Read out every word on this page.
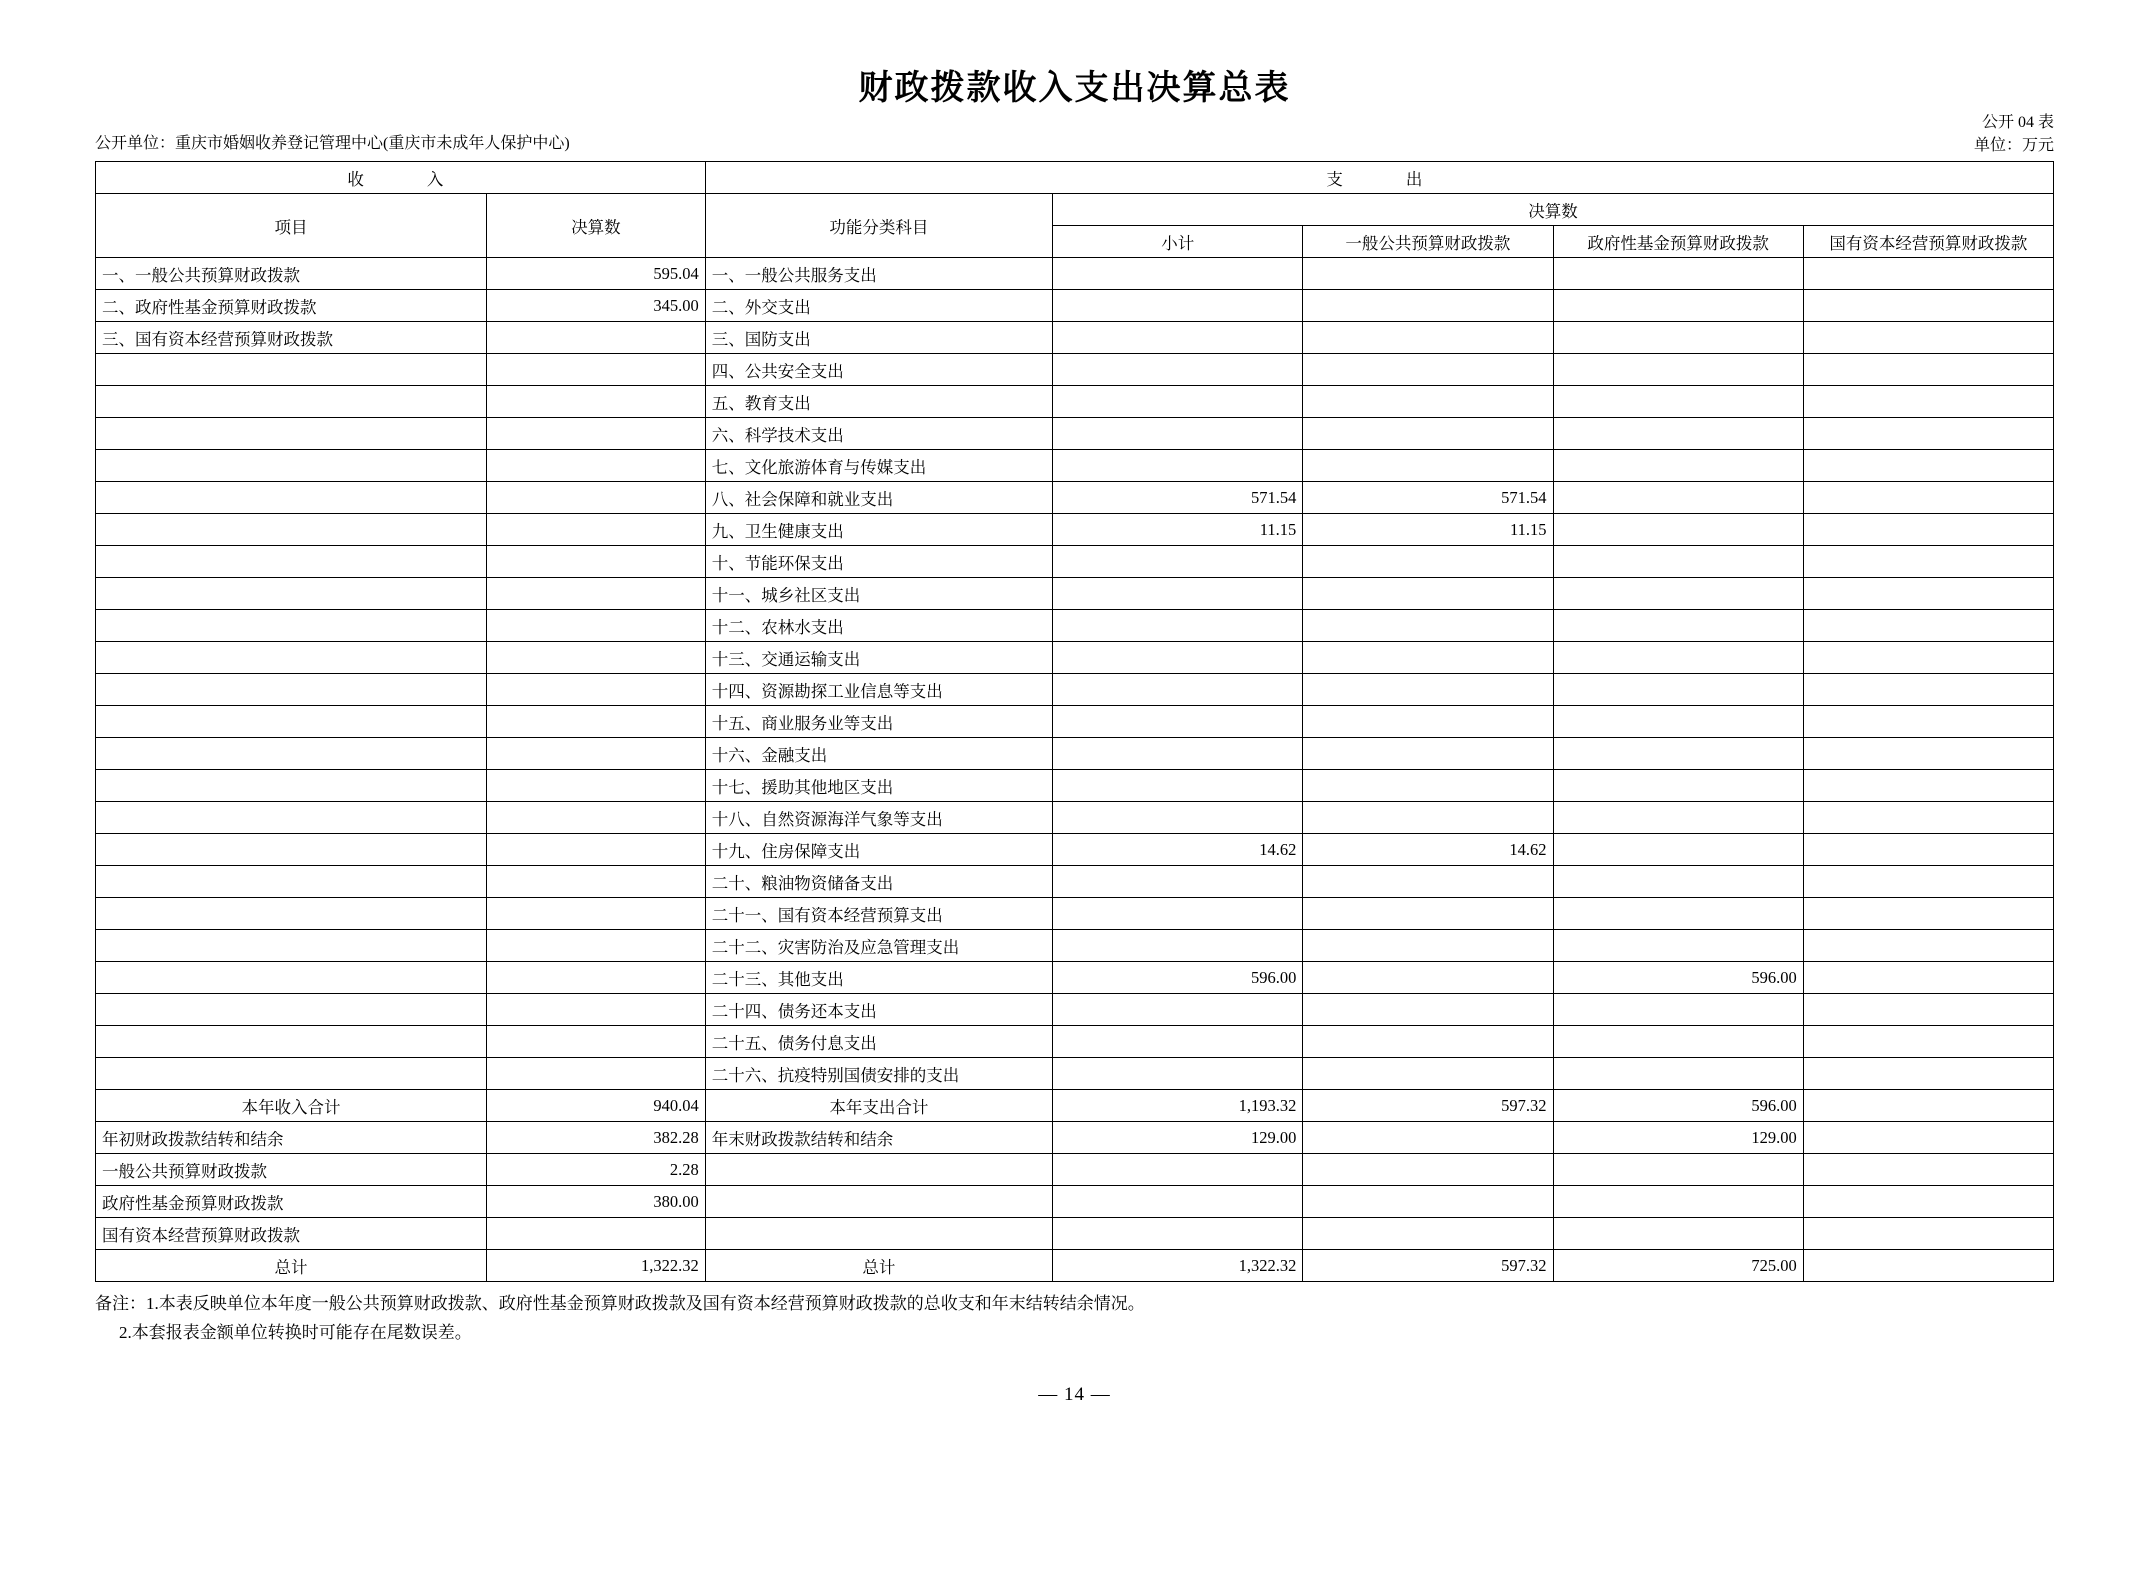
财政拨款收入支出决算总表
公开单位：重庆市婚姻收养登记管理中心(重庆市未成年人保护中心)
公开 04 表
单位：万元
收　　入		支　　出				
项目	决算数	功能分类科目	决算数			
			小计	一般公共预算财政拨款	政府性基金预算财政拨款	国有资本经营预算财政拨款
一、一般公共预算财政拨款	595.04	一、一般公共服务支出				
二、政府性基金预算财政拨款	345.00	二、外交支出				
三、国有资本经营预算财政拨款		三、国防支出				
		四、公共安全支出				
		五、教育支出				
		六、科学技术支出				
		七、文化旅游体育与传媒支出				
		八、社会保障和就业支出	571.54	571.54		
		九、卫生健康支出	11.15	11.15		
		十、节能环保支出				
		十一、城乡社区支出				
		十二、农林水支出				
		十三、交通运输支出				
		十四、资源勘探工业信息等支出				
		十五、商业服务业等支出				
		十六、金融支出				
		十七、援助其他地区支出				
		十八、自然资源海洋气象等支出				
		十九、住房保障支出	14.62	14.62		
		二十、粮油物资储备支出				
		二十一、国有资本经营预算支出				
		二十二、灾害防治及应急管理支出				
		二十三、其他支出	596.00		596.00	
		二十四、债务还本支出				
		二十五、债务付息支出				
		二十六、抗疫特别国债安排的支出				
本年收入合计	940.04	本年支出合计	1,193.32	597.32	596.00	
年初财政拨款结转和结余	382.28	年末财政拨款结转和结余	129.00		129.00	
一般公共预算财政拨款	2.28					
政府性基金预算财政拨款	380.00					
国有资本经营预算财政拨款						
总计	1,322.32	总计	1,322.32	597.32	725.00	
备注：1.本表反映单位本年度一般公共预算财政拨款、政府性基金预算财政拨款及国有资本经营预算财政拨款的总收支和年末结转结余情况。
2.本套报表金额单位转换时可能存在尾数误差。
— 14 —
